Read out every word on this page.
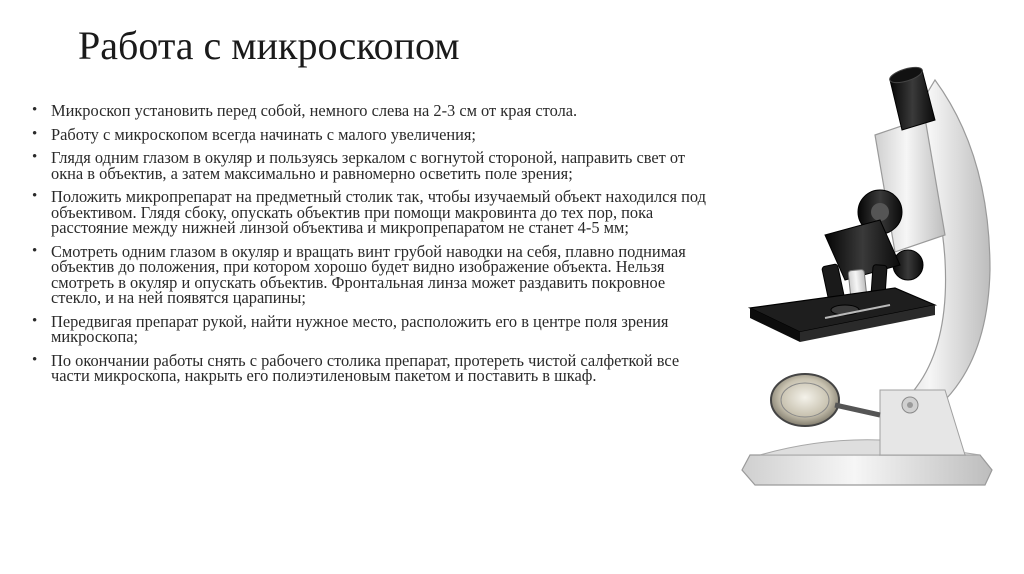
Работа с микроскопом
• Микроскоп установить перед собой, немного слева на 2-3 см от края стола.
• Работу с микроскопом всегда начинать с малого увеличения;
• Глядя одним глазом в окуляр и пользуясь зеркалом с вогнутой стороной, направить свет от окна в объектив, а затем максимально и равномерно осветить поле зрения;
• Положить микропрепарат на предметный столик так, чтобы изучаемый объект находился под объективом. Глядя сбоку, опускать объектив при помощи макровинта до тех пор, пока расстояние между нижней линзой объектива и микропрепаратом не станет 4-5 мм;
• Смотреть одним глазом в окуляр и вращать винт грубой наводки на себя, плавно поднимая объектив до положения, при котором хорошо будет видно изображение объекта. Нельзя смотреть в окуляр и опускать объектив. Фронтальная линза может раздавить покровное стекло, и на ней появятся царапины;
• Передвигая препарат рукой, найти нужное место, расположить его в центре поля зрения микроскопа;
• По окончании работы снять с рабочего столика препарат, протереть чистой салфеткой все части микроскопа, накрыть его полиэтиленовым пакетом и поставить в шкаф.
